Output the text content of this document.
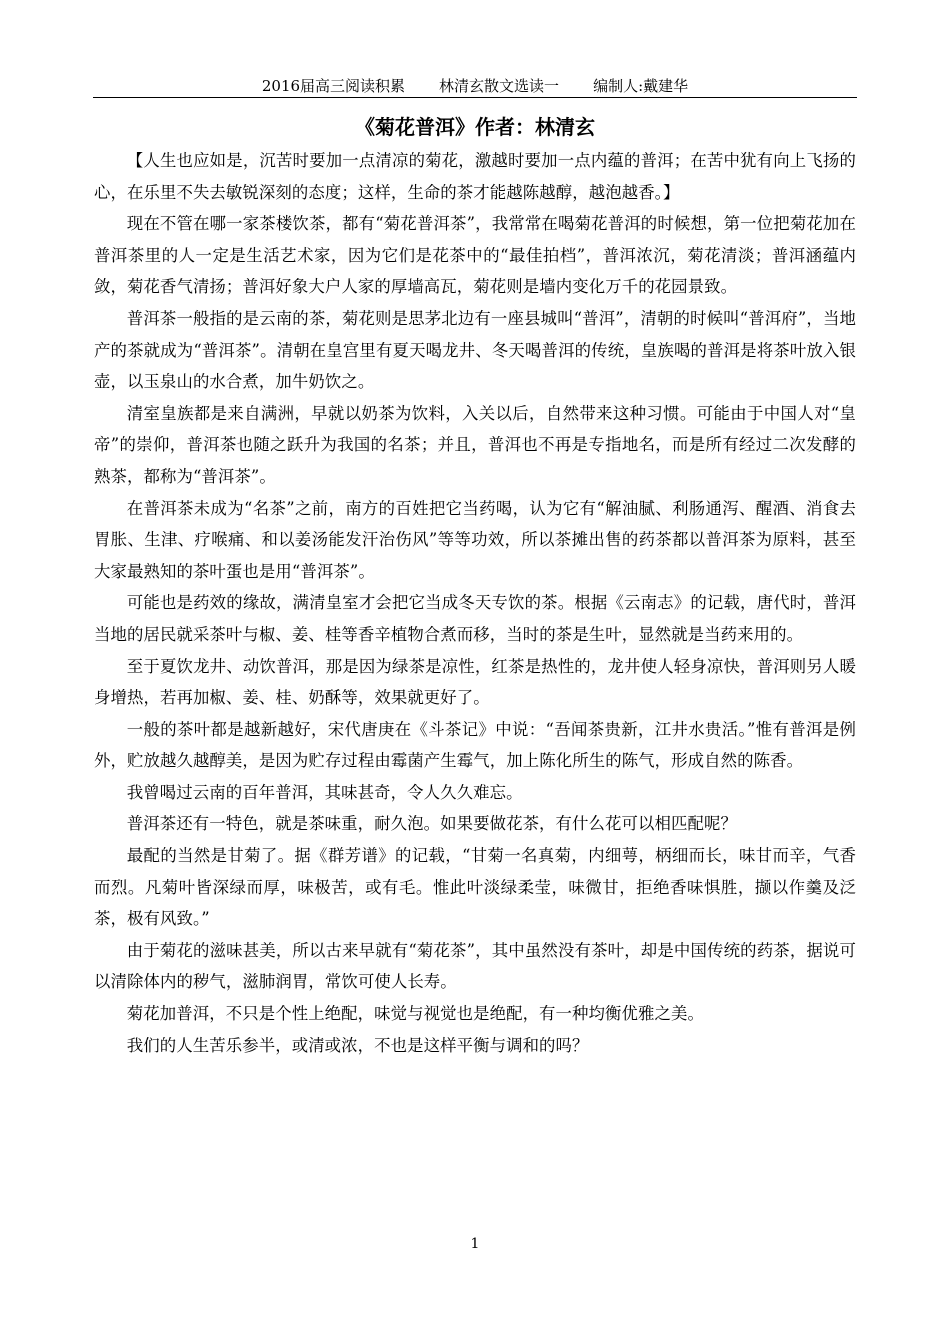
2016届高三阅读积累 林清玄散文选读一 编制人:戴建华
《菊花普洱》作者：林清玄

【人生也应如是，沉苦时要加一点清凉的菊花，激越时要加一点内蕴的普洱；在苦中犹有向上飞扬的心，在乐里不失去敏锐深刻的态度；这样，生命的茶才能越陈越醇，越泡越香。】

现在不管在哪一家茶楼饮茶，都有“菊花普洱茶”，我常常在喝菊花普洱的时候想，第一位把菊花加在普洱茶里的人一定是生活艺术家，因为它们是花茶中的“最佳拍档”，普洱浓沉，菊花清淡；普洱涵蕴内敛，菊花香气清扬；普洱好象大户人家的厚墙高瓦，菊花则是墙内变化万千的花园景致。

普洱茶一般指的是云南的茶，菊花则是思茅北边有一座县城叫“普洱”，清朝的时候叫“普洱府”，当地产的茶就成为“普洱茶”。清朝在皇宫里有夏天喝龙井、冬天喝普洱的传统，皇族喝的普洱是将茶叶放入银壶，以玉泉山的水合煮，加牛奶饮之。

清室皇族都是来自满洲，早就以奶茶为饮料，入关以后，自然带来这种习惯。可能由于中国人对“皇帝”的崇仰，普洱茶也随之跃升为我国的名茶；并且，普洱也不再是专指地名，而是所有经过二次发酵的熟茶，都称为“普洱茶”。

在普洱茶未成为“名茶”之前，南方的百姓把它当药喝，认为它有“解油腻、利肠通泻、醒酒、消食去胃胀、生津、疗喉痛、和以姜汤能发汗治伤风”等等功效，所以茶摊出售的药茶都以普洱茶为原料，甚至大家最熟知的茶叶蛋也是用“普洱茶”。

可能也是药效的缘故，满清皇室才会把它当成冬天专饮的茶。根据《云南志》的记载，唐代时，普洱当地的居民就采茶叶与椒、姜、桂等香辛植物合煮而移，当时的茶是生叶，显然就是当药来用的。

至于夏饮龙井、动饮普洱，那是因为绿茶是凉性，红茶是热性的，龙井使人轻身凉快，普洱则另人暖身增热，若再加椒、姜、桂、奶酥等，效果就更好了。

一般的茶叶都是越新越好，宋代唐庚在《斗茶记》中说：“吾闻茶贵新，江井水贵活。”惟有普洱是例外，贮放越久越醇美，是因为贮存过程由霉菌产生霉气，加上陈化所生的陈气，形成自然的陈香。

我曾喝过云南的百年普洱，其味甚奇，令人久久难忘。

普洱茶还有一特色，就是茶味重，耐久泡。如果要做花茶，有什么花可以相匹配呢？

最配的当然是甘菊了。据《群芳谱》的记载，“甘菊一名真菊，内细萼，柄细而长，味甘而辛，气香而烈。凡菊叶皆深绿而厚，味极苦，或有毛。惟此叶淡绿柔莹，味微甘，拒绝香味惧胜，撷以作羹及泛茶，极有风致。”

由于菊花的滋味甚美，所以古来早就有“菊花茶”，其中虽然没有茶叶，却是中国传统的药茶，据说可以清除体内的秽气，滋肺润胃，常饮可使人长寿。

菊花加普洱，不只是个性上绝配，味觉与视觉也是绝配，有一种均衡优雅之美。

我们的人生苦乐参半，或清或浓，不也是这样平衡与调和的吗？

1
